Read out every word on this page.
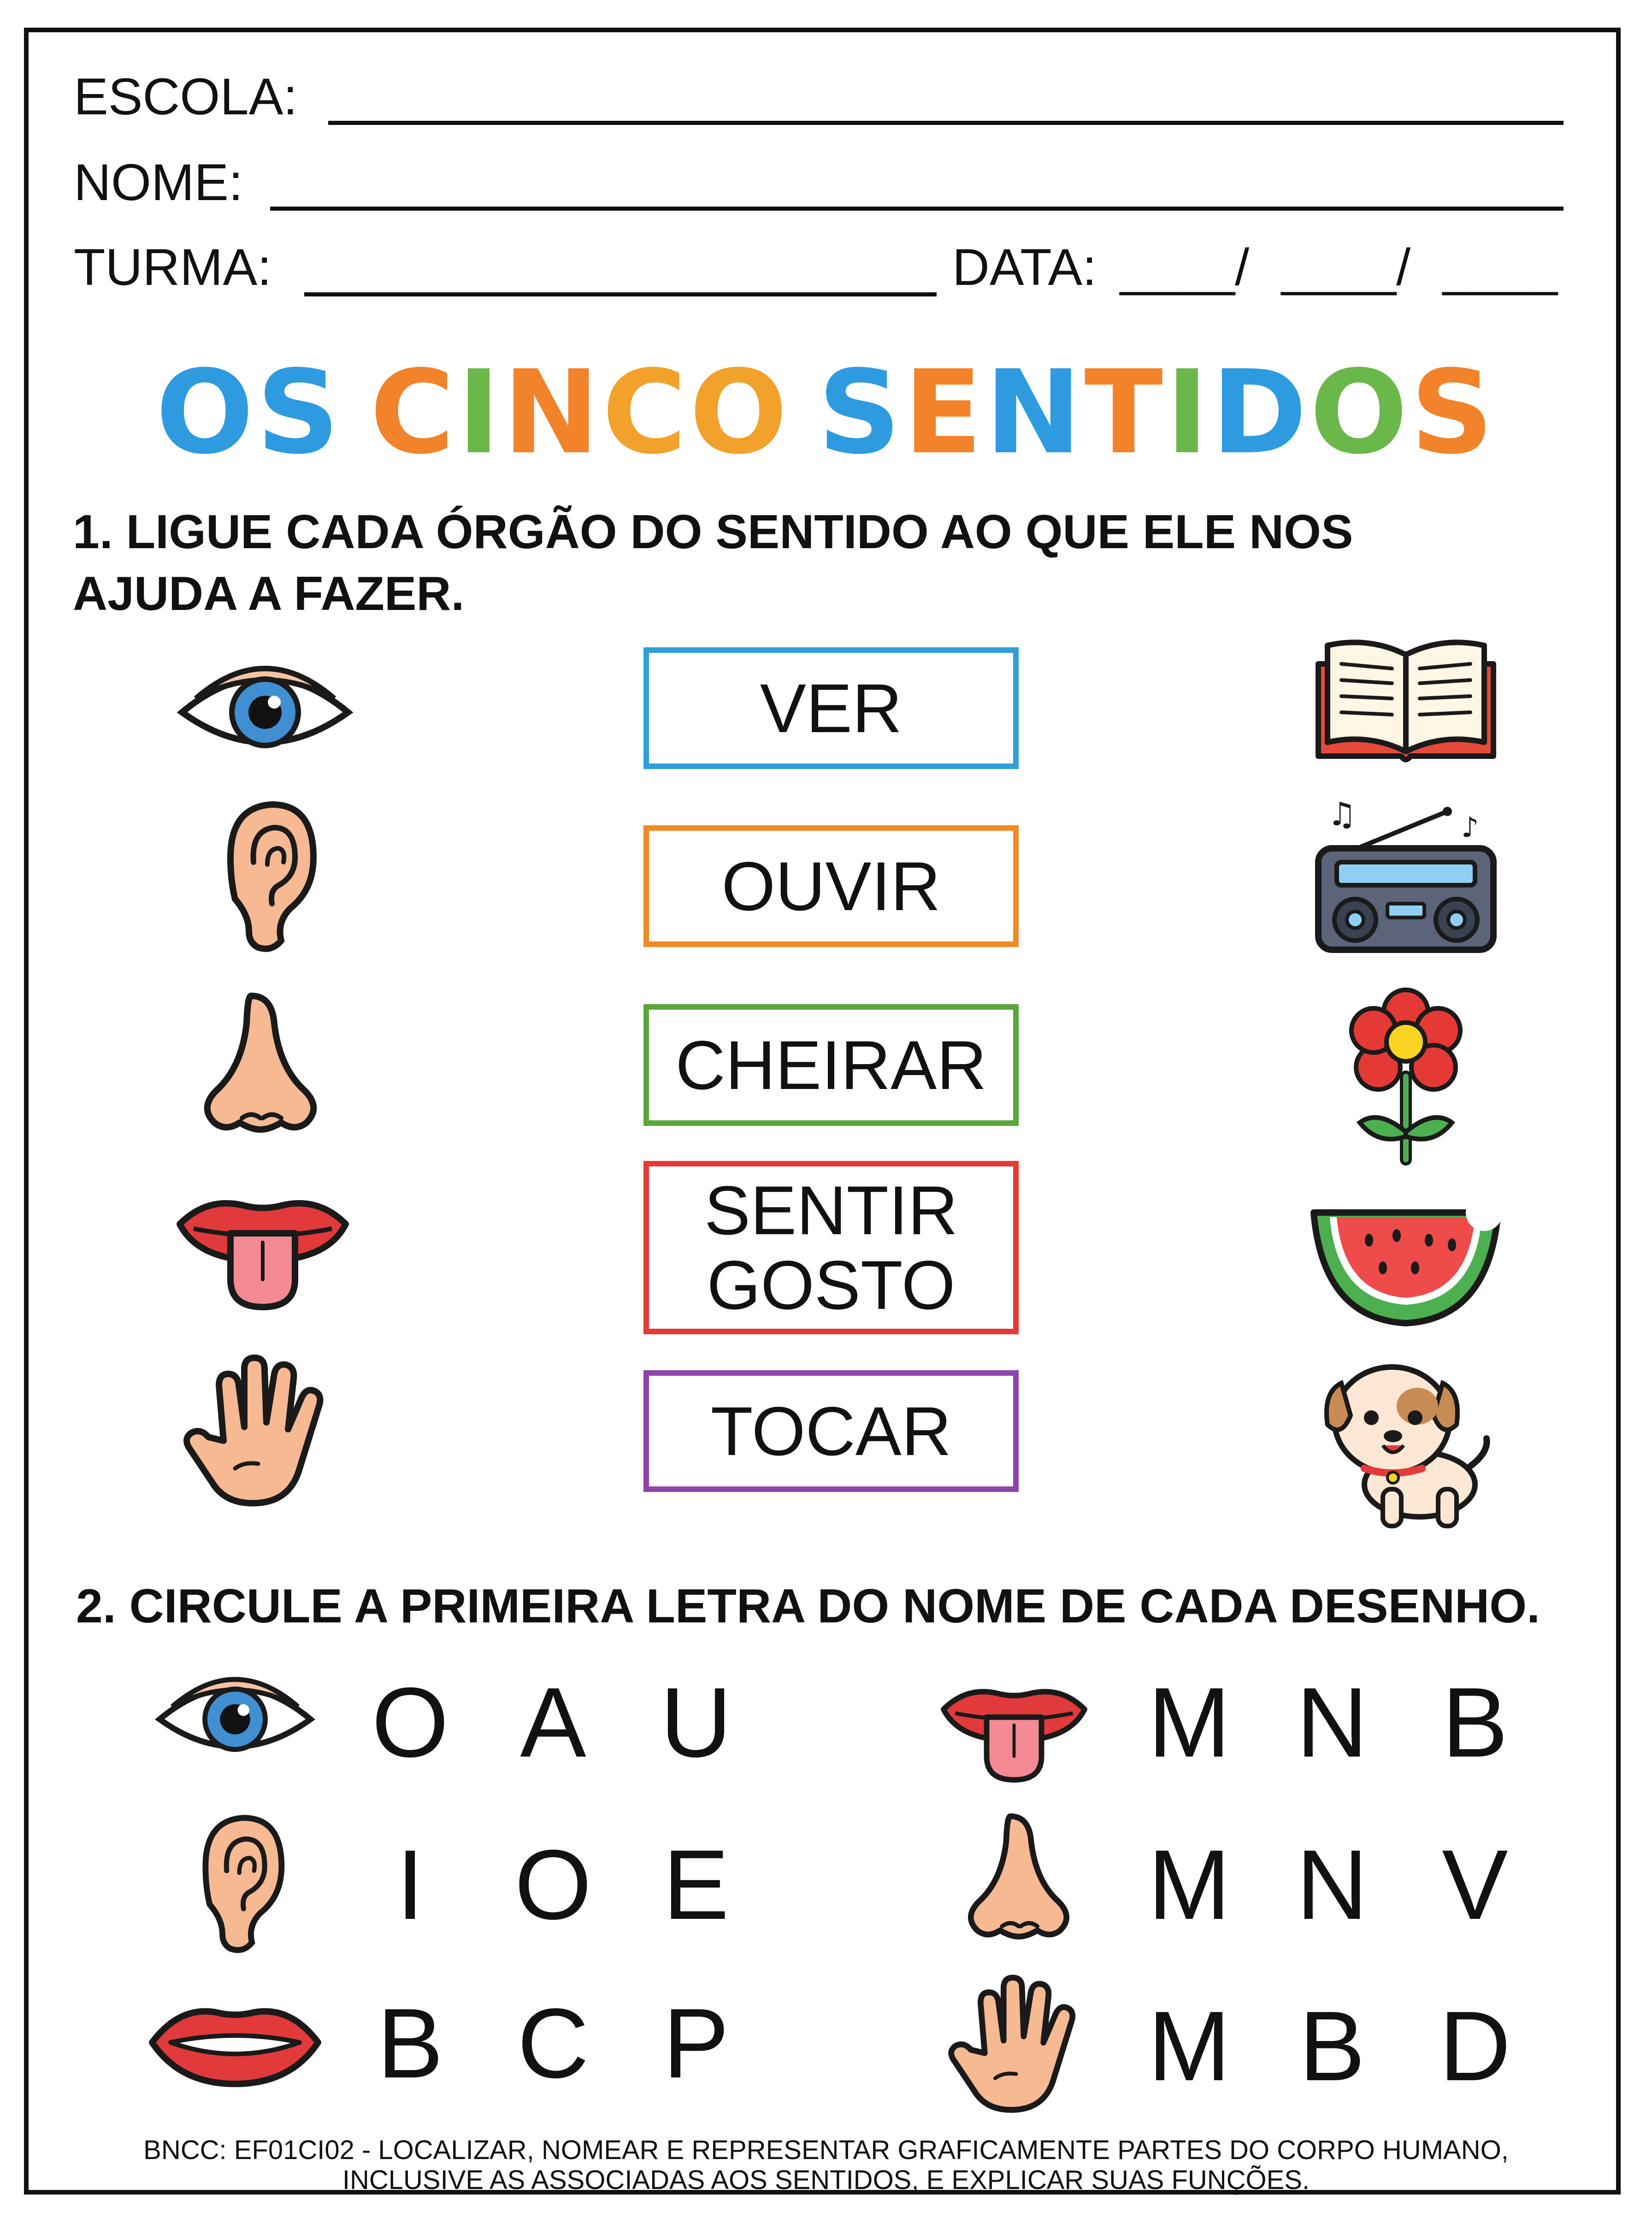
ESCOLA:
NOME:
TURMA:	DATA: ____/ ____/ ____
OS CINCO SENTIDOS
1. LIGUE CADA ÓRGÃO DO SENTIDO AO QUE ELE NOS
AJUDA A FAZER.
VER
OUVIR
CHEIRAR
SENTIR
GOSTO
TOCAR
2. CIRCULE A PRIMEIRA LETRA DO NOME DE CADA DESENHO.
O A U
I O E
B C P
M N B
M N V
M B D
BNCC: EF01CI02 - LOCALIZAR, NOMEAR E REPRESENTAR GRAFICAMENTE PARTES DO CORPO HUMANO,
INCLUSIVE AS ASSOCIADAS AOS SENTIDOS, E EXPLICAR SUAS FUNÇÕES.
